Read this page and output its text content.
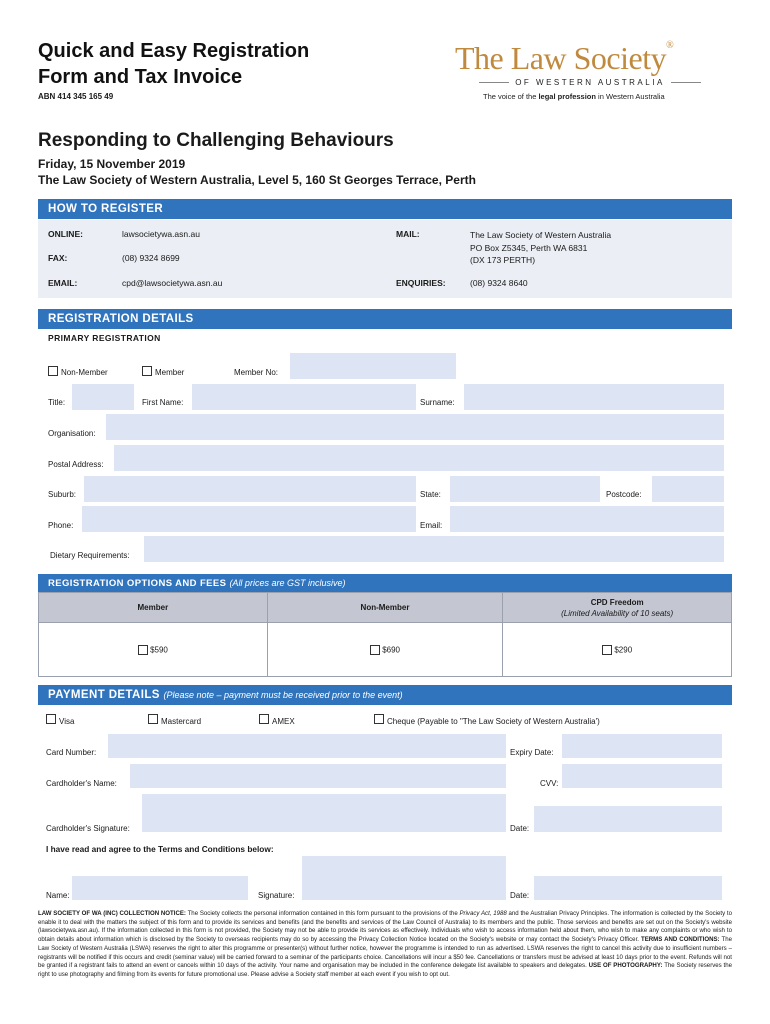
Quick and Easy Registration
Form and Tax Invoice
ABN 414 345 165 49
The Law Society®
OF WESTERN AUSTRALIA
The voice of the legal profession in Western Australia
Responding to Challenging Behaviours
Friday, 15 November 2019
The Law Society of Western Australia, Level 5, 160 St Georges Terrace, Perth
HOW TO REGISTER
ONLINE:	lawsocietywa.asn.au
FAX:	(08) 9324 8699
EMAIL:	cpd@lawsocietywa.asn.au
MAIL:	The Law Society of Western Australia
PO Box Z5345, Perth WA 6831
(DX 173 PERTH)
ENQUIRIES:	(08) 9324 8640
REGISTRATION DETAILS
PRIMARY REGISTRATION
Non-Member	Member	Member No:
Title:	First Name:	Surname:
Organisation:
Postal Address:
Suburb:	State:	Postcode:
Phone:	Email:
Dietary Requirements:
REGISTRATION OPTIONS AND FEES (All prices are GST inclusive)
Member	Non-Member	CPD Freedom
(Limited Availability of 10 seats)

$590	$690	$290
PAYMENT DETAILS (Please note – payment must be received prior to the event)
Visa	Mastercard	AMEX	Cheque (Payable to "The Law Society of Western Australia')
Card Number:	Expiry Date:
Cardholder's Name:	CVV:
Cardholder's Signature:	Date:
I have read and agree to the Terms and Conditions below:
Name:	Signature:	Date:
LAW SOCIETY OF WA (INC) COLLECTION NOTICE: The Society collects the personal information contained in this form pursuant to the provisions of the Privacy Act, 1988 and the Australian Privacy Principles. The information is collected by the Society to enable it to deal with the matters the subject of this form and to provide its services and benefits (and the benefits and services of the Law Council of Australia) to its members and the public. Those services and benefits are set out on the Society's website (lawsocietywa.asn.au). If the information collected in this form is not provided, the Society may not be able to provide its services as effectively. Individuals who wish to access information held about them, who wish to make any complaints or who wish to obtain details about information which is disclosed by the Society to overseas recipients may do so by accessing the Privacy Collection Notice located on the Society's website or may contact the Society's Privacy Officer. TERMS AND CONDITIONS: The Law Society of Western Australia (LSWA) reserves the right to alter this programme or presenter(s) without further notice, however the programme is intended to run as advertised. LSWA reserves the right to cancel this activity due to insufficient numbers – registrants will be notified if this occurs and credit (seminar value) will be carried forward to a seminar of the participants choice. Cancellations will incur a $50 fee. Cancellations or transfers must be advised at least 10 days prior to the event. Refunds will not be granted if a registrant fails to attend an event or cancels within 10 days of the activity. Your name and organisation may be included in the conference delegate list available to speakers and delegates. USE OF PHOTOGRAPHY: The Society reserves the right to use photography and filming from its events for future promotional use. Please advise a Society staff member at each event if you wish to opt out.
